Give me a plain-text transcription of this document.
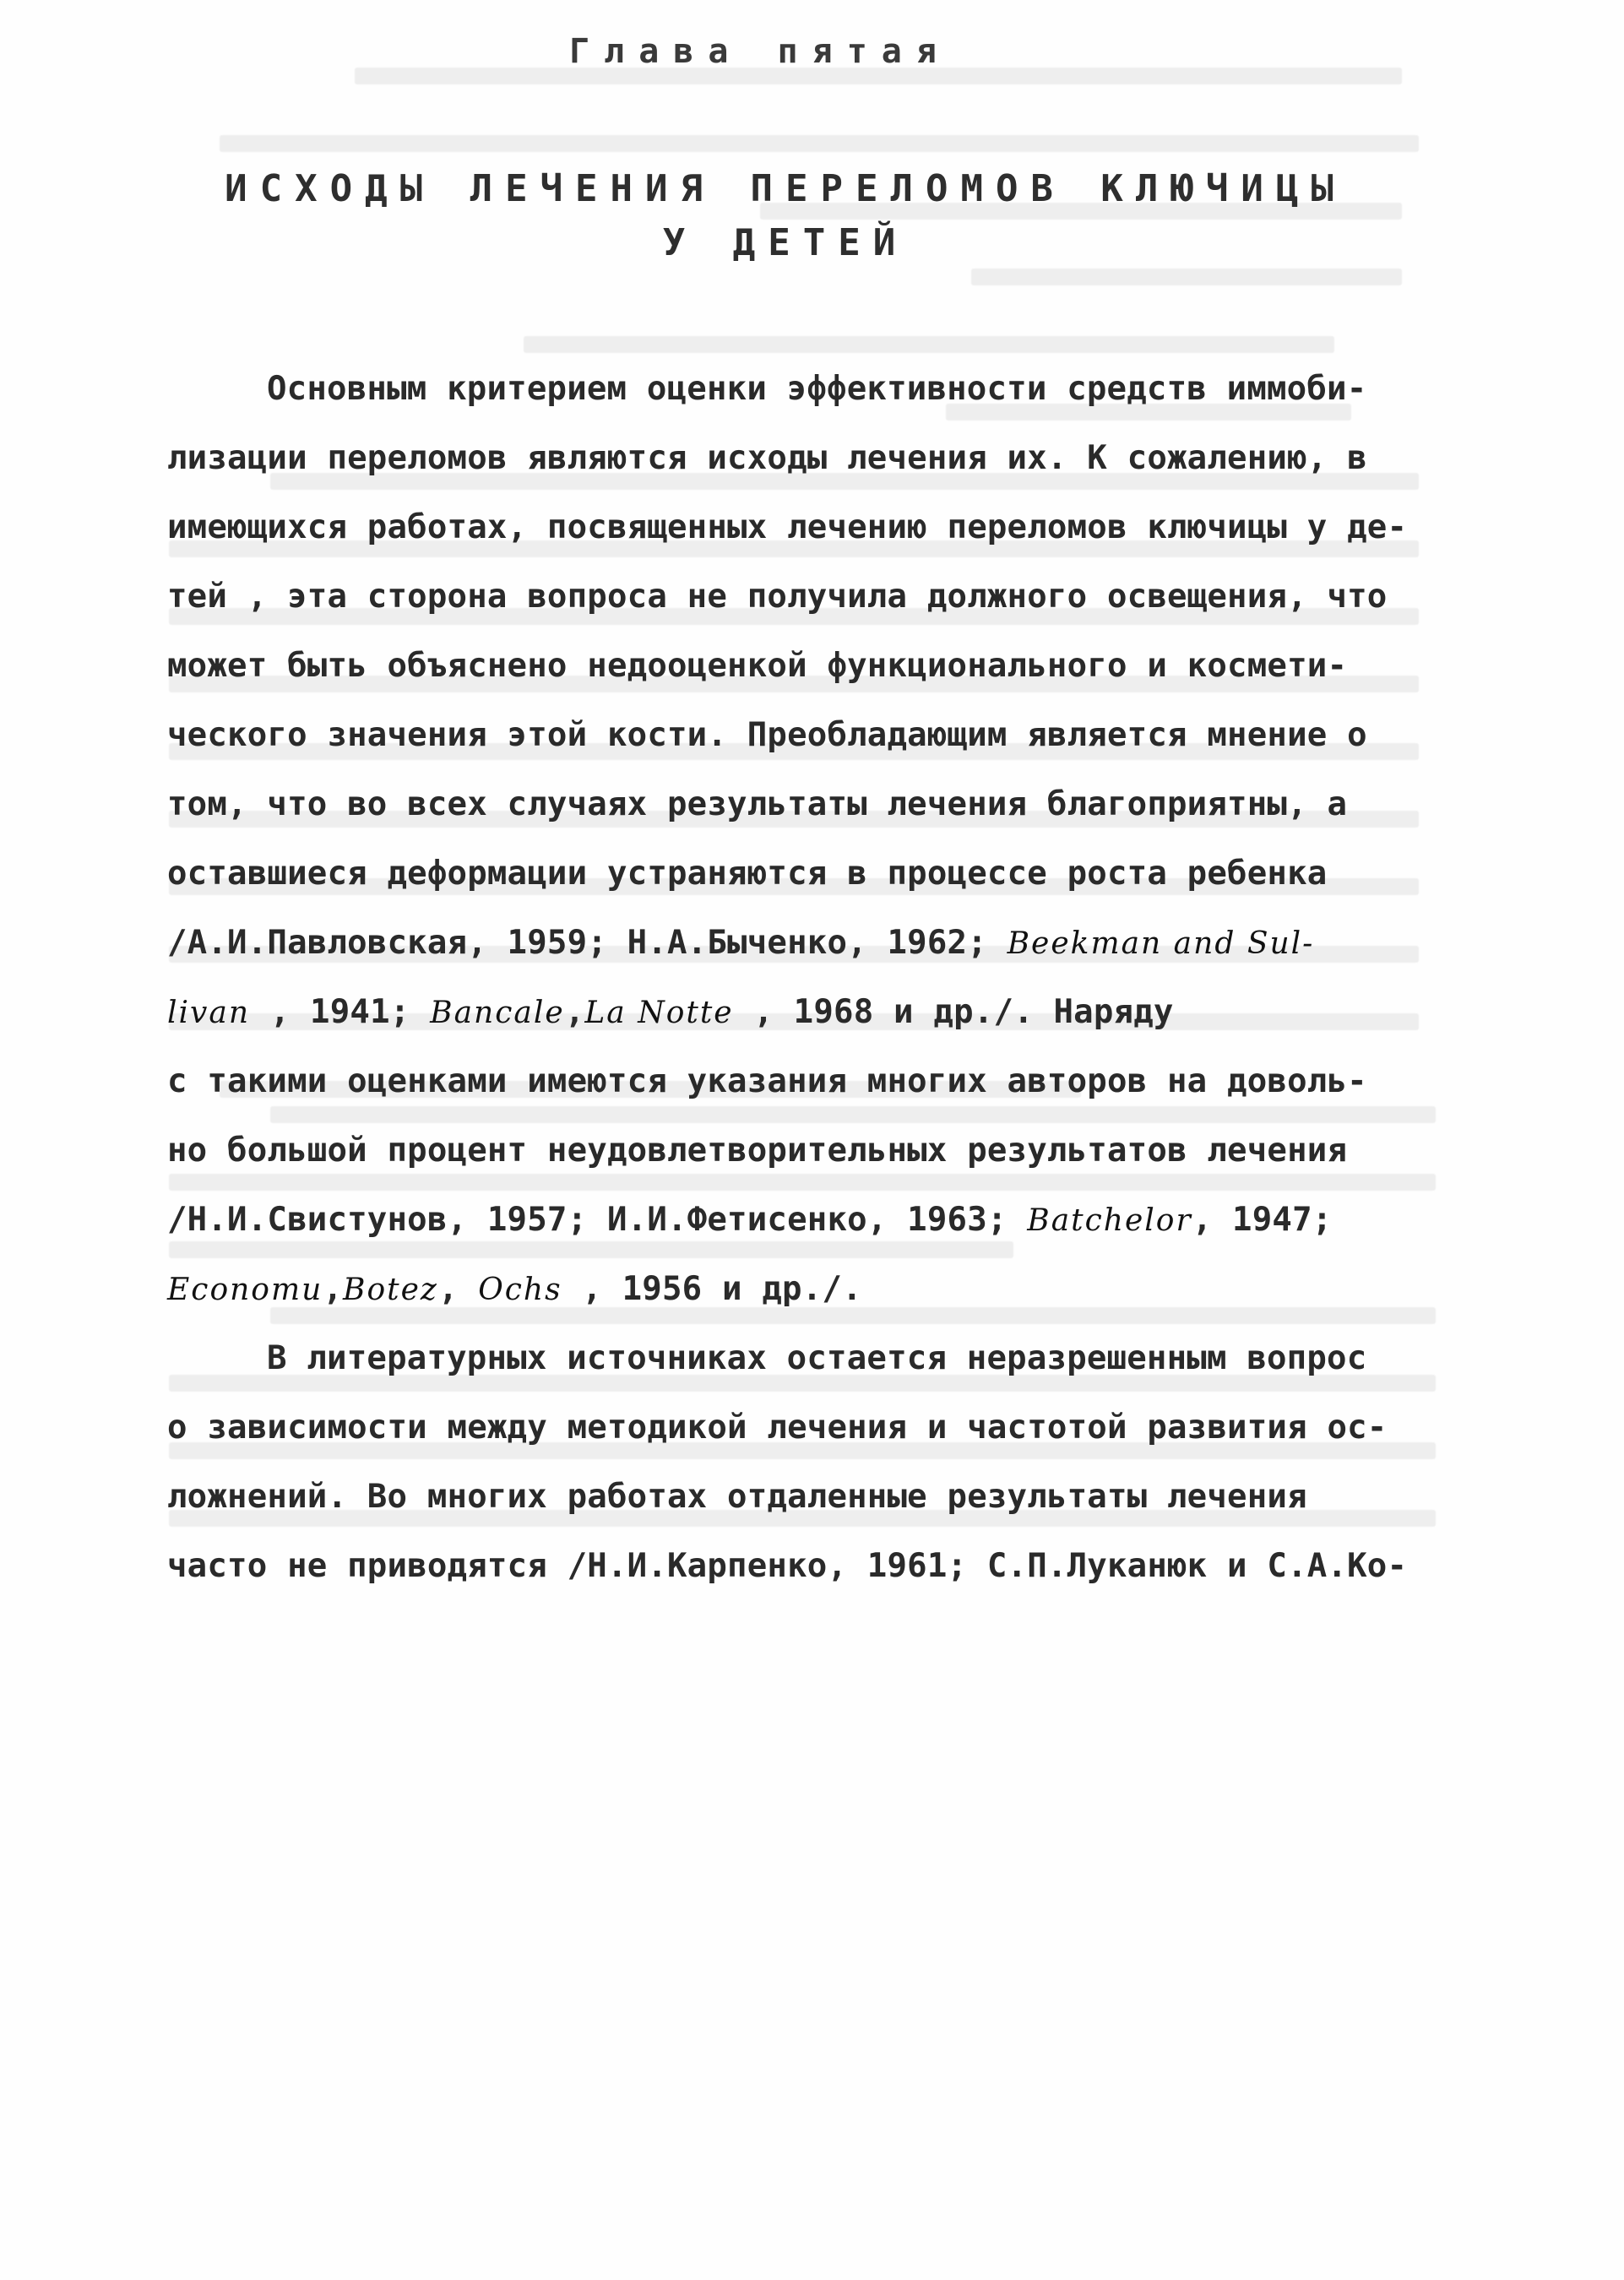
Глава пятая
ИСХОДЫ ЛЕЧЕНИЯ ПЕРЕЛОМОВ КЛЮЧИЦЫ
У ДЕТЕЙ
Основным критерием оценки эффективности средств иммоби-
лизации переломов являются исходы лечения их. К сожалению, в
имеющихся работах, посвященных лечению переломов ключицы у де-
тей , эта сторона вопроса не получила должного освещения, что
может быть объяснено недооценкой функционального и космети-
ческого значения этой кости. Преобладающим является мнение о
том, что во всех случаях результаты лечения благоприятны, а
оставшиеся деформации устраняются в процессе роста ребенка
/А.И.Павловская, 1959; Н.А.Быченко, 1962; Beekman and Sul-
livan , 1941; Bancale,La Notte , 1968 и др./. Наряду
с такими оценками имеются указания многих авторов на доволь-
но большой процент неудовлетворительных результатов лечения
/Н.И.Свистунов, 1957; И.И.Фетисенко, 1963; Batchelor, 1947;
Economu,Botez, Ochs , 1956 и др./.
В литературных источниках остается неразрешенным вопрос
о зависимости между методикой лечения и частотой развития ос-
ложнений. Во многих работах отдаленные результаты лечения
часто не приводятся /Н.И.Карпенко, 1961; С.П.Луканюк и С.А.Ко-
